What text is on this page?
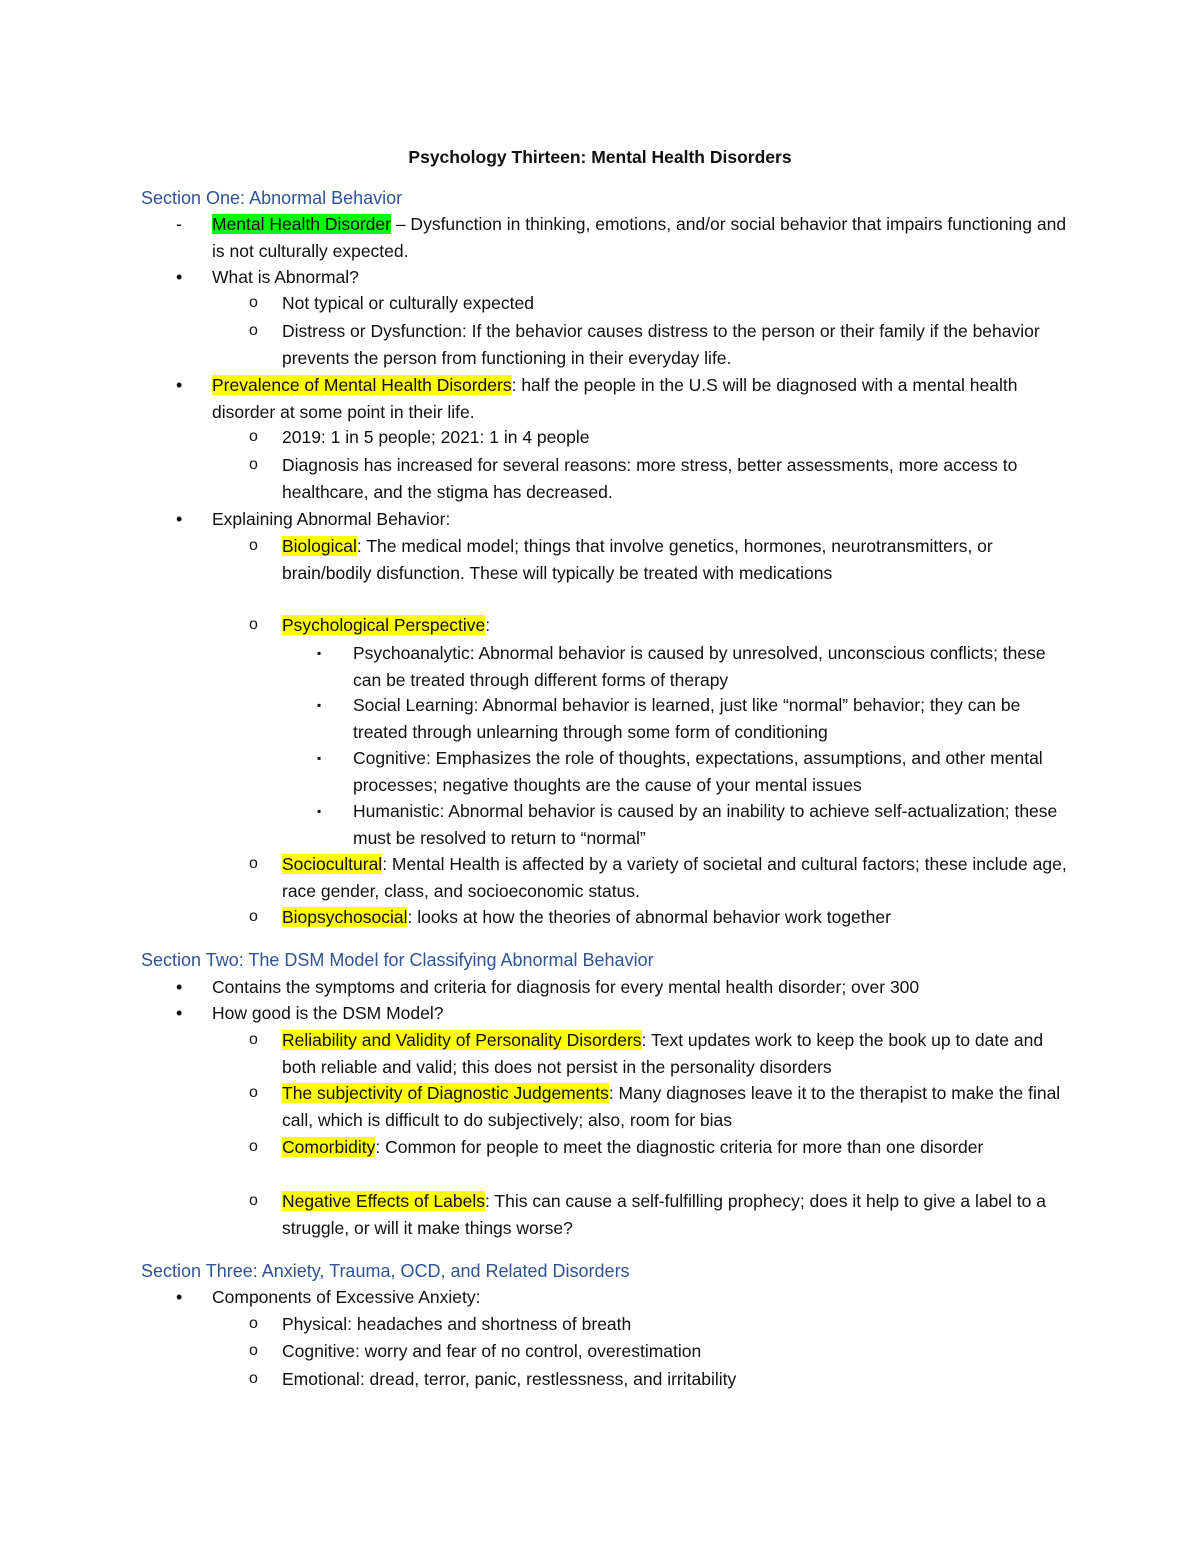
Psychology Thirteen: Mental Health Disorders
Section One: Abnormal Behavior
- Mental Health Disorder – Dysfunction in thinking, emotions, and/or social behavior that impairs functioning and is not culturally expected.
• What is Abnormal?
o Not typical or culturally expected
o Distress or Dysfunction: If the behavior causes distress to the person or their family if the behavior prevents the person from functioning in their everyday life.
• Prevalence of Mental Health Disorders: half the people in the U.S will be diagnosed with a mental health disorder at some point in their life.
o 2019: 1 in 5 people; 2021: 1 in 4 people
o Diagnosis has increased for several reasons: more stress, better assessments, more access to healthcare, and the stigma has decreased.
• Explaining Abnormal Behavior:
o Biological: The medical model; things that involve genetics, hormones, neurotransmitters, or brain/bodily disfunction. These will typically be treated with medications
o Psychological Perspective:
▪ Psychoanalytic: Abnormal behavior is caused by unresolved, unconscious conflicts; these can be treated through different forms of therapy
▪ Social Learning: Abnormal behavior is learned, just like “normal” behavior; they can be treated through unlearning through some form of conditioning
▪ Cognitive: Emphasizes the role of thoughts, expectations, assumptions, and other mental processes; negative thoughts are the cause of your mental issues
▪ Humanistic: Abnormal behavior is caused by an inability to achieve self-actualization; these must be resolved to return to “normal”
o Sociocultural: Mental Health is affected by a variety of societal and cultural factors; these include age, race gender, class, and socioeconomic status.
o Biopsychosocial: looks at how the theories of abnormal behavior work together
Section Two: The DSM Model for Classifying Abnormal Behavior
• Contains the symptoms and criteria for diagnosis for every mental health disorder; over 300
• How good is the DSM Model?
o Reliability and Validity of Personality Disorders: Text updates work to keep the book up to date and both reliable and valid; this does not persist in the personality disorders
o The subjectivity of Diagnostic Judgements: Many diagnoses leave it to the therapist to make the final call, which is difficult to do subjectively; also, room for bias
o Comorbidity: Common for people to meet the diagnostic criteria for more than one disorder
o Negative Effects of Labels: This can cause a self-fulfilling prophecy; does it help to give a label to a struggle, or will it make things worse?
Section Three: Anxiety, Trauma, OCD, and Related Disorders
• Components of Excessive Anxiety:
o Physical: headaches and shortness of breath
o Cognitive: worry and fear of no control, overestimation
o Emotional: dread, terror, panic, restlessness, and irritability
